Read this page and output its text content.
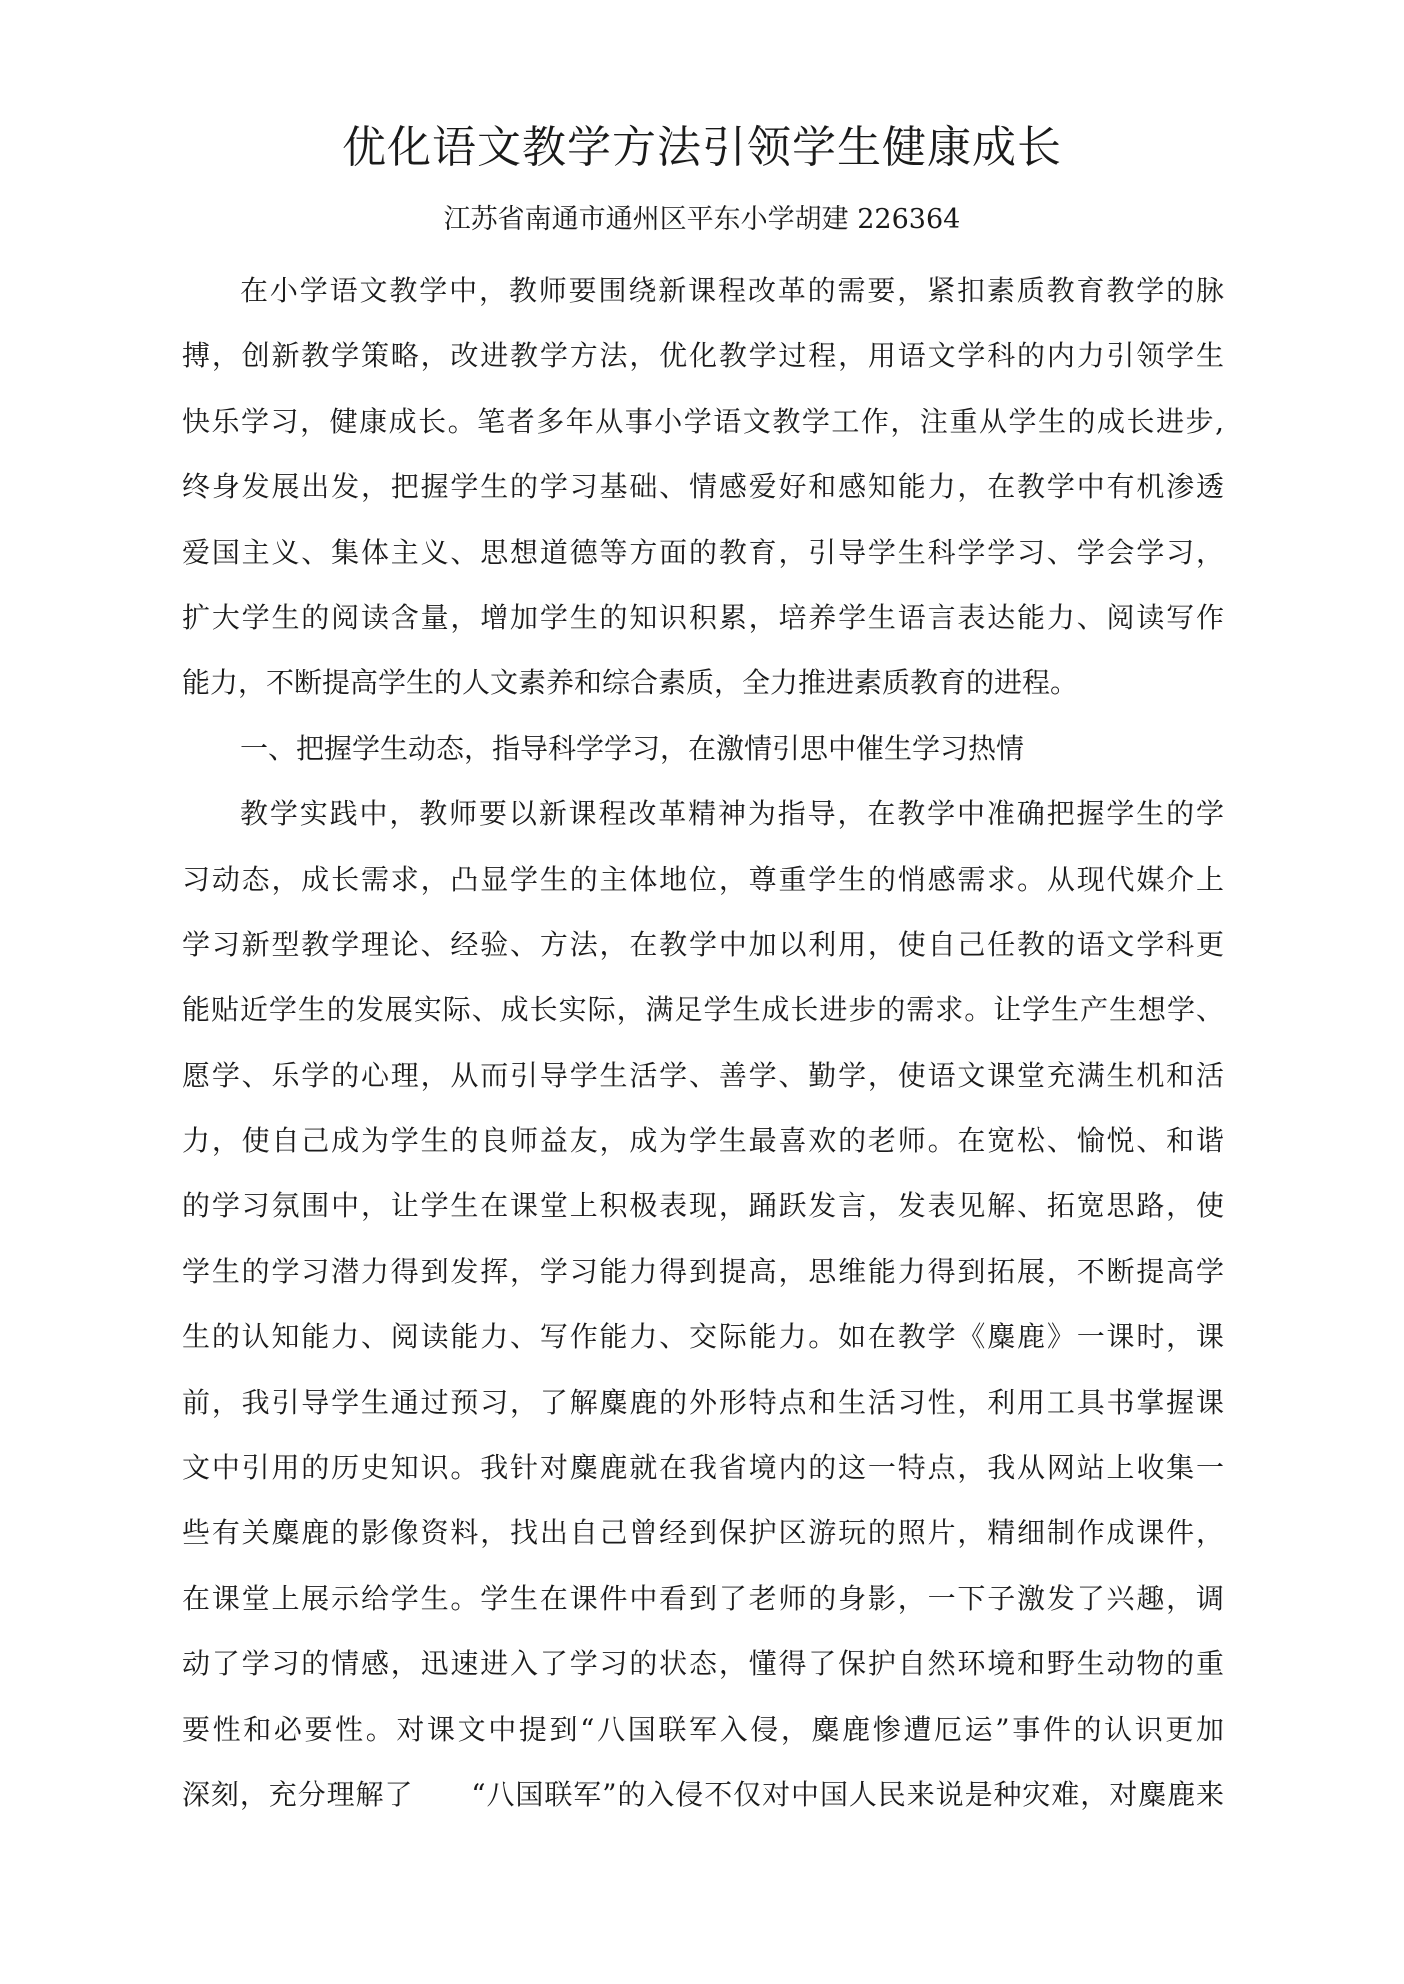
优化语文教学方法引领学生健康成长

江苏省南通市通州区平东小学胡建 226364

在小学语文教学中，教师要围绕新课程改革的需要，紧扣素质教育教学的脉
搏，创新教学策略，改进教学方法，优化教学过程，用语文学科的内力引领学生
快乐学习，健康成长。笔者多年从事小学语文教学工作，注重从学生的成长进步,
终身发展出发，把握学生的学习基础、情感爱好和感知能力，在教学中有机渗透
爱国主义、集体主义、思想道德等方面的教育，引导学生科学学习、学会学习，
扩大学生的阅读含量，增加学生的知识积累，培养学生语言表达能力、阅读写作
能力，不断提高学生的人文素养和综合素质，全力推进素质教育的进程。
一、把握学生动态，指导科学学习，在激情引思中催生学习热情
教学实践中，教师要以新课程改革精神为指导，在教学中准确把握学生的学
习动态，成长需求，凸显学生的主体地位，尊重学生的悄感需求。从现代媒介上
学习新型教学理论、经验、方法，在教学中加以利用，使自己任教的语文学科更
能贴近学生的发展实际、成长实际，满足学生成长进步的需求。让学生产生想学、
愿学、乐学的心理，从而引导学生活学、善学、勤学，使语文课堂充满生机和活
力，使自己成为学生的良师益友，成为学生最喜欢的老师。在宽松、愉悦、和谐
的学习氛围中，让学生在课堂上积极表现，踊跃发言，发表见解、拓宽思路，使
学生的学习潜力得到发挥，学习能力得到提高，思维能力得到拓展，不断提高学
生的认知能力、阅读能力、写作能力、交际能力。如在教学《麋鹿》一课时，课
前，我引导学生通过预习，了解麋鹿的外形特点和生活习性，利用工具书掌握课
文中引用的历史知识。我针对麋鹿就在我省境内的这一特点，我从网站上收集一
些有关麋鹿的影像资料，找出自己曾经到保护区游玩的照片，精细制作成课件，
在课堂上展示给学生。学生在课件中看到了老师的身影，一下子激发了兴趣，调
动了学习的情感，迅速进入了学习的状态，懂得了保护自然环境和野生动物的重
要性和必要性。对课文中提到“八国联军入侵，麋鹿惨遭厄运”事件的认识更加
深刻，充分理解了　　“八国联军”的入侵不仅对中国人民来说是种灾难，对麋鹿来
